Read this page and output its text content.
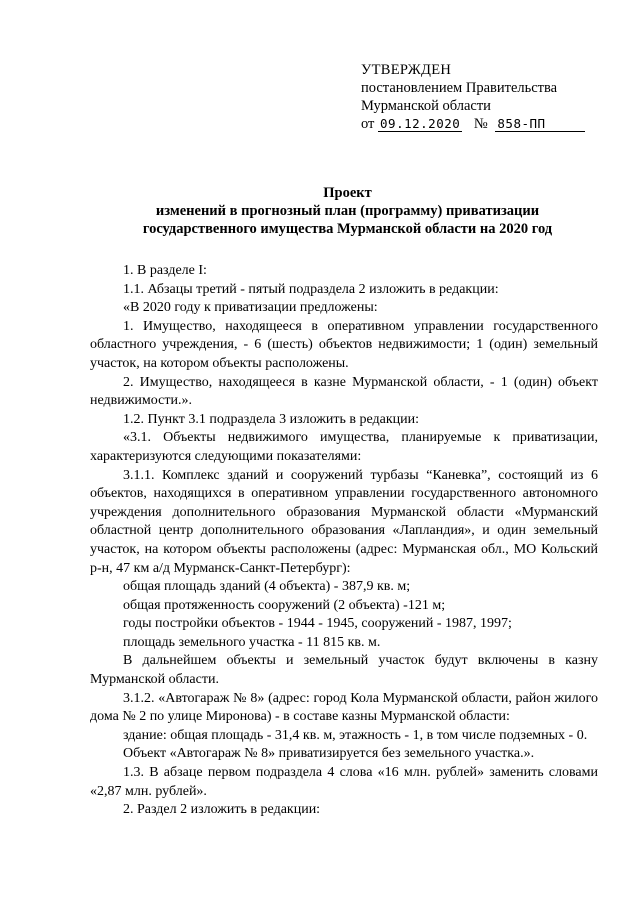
УТВЕРЖДЕН
постановлением Правительства
Мурманской области
от 09.12.2020 № 858-ПП
Проект
изменений в прогнозный план (программу) приватизации
государственного имущества Мурманской области на 2020 год

1. В разделе I:

1.1. Абзацы третий - пятый подраздела 2 изложить в редакции:

«В 2020 году к приватизации предложены:

1. Имущество, находящееся в оперативном управлении государственного областного учреждения, - 6 (шесть) объектов недвижимости; 1 (один) земельный участок, на котором объекты расположены.

2. Имущество, находящееся в казне Мурманской области, - 1 (один) объект недвижимости.».

1.2. Пункт 3.1 подраздела 3 изложить в редакции:

«3.1. Объекты недвижимого имущества, планируемые к приватизации, характеризуются следующими показателями:

3.1.1. Комплекс зданий и сооружений турбазы “Каневка”, состоящий из 6 объектов, находящихся в оперативном управлении государственного автономного учреждения дополнительного образования Мурманской области «Мурманский областной центр дополнительного образования «Лапландия», и один земельный участок, на котором объекты расположены (адрес: Мурманская обл., МО Кольский р-н, 47 км а/д Мурманск-Санкт-Петербург):

общая площадь зданий (4 объекта) - 387,9 кв. м;

общая протяженность сооружений (2 объекта) -121 м;

годы постройки объектов - 1944 - 1945, сооружений - 1987, 1997;

площадь земельного участка - 11 815 кв. м.

В дальнейшем объекты и земельный участок будут включены в казну Мурманской области.

3.1.2. «Автогараж № 8» (адрес: город Кола Мурманской области, район жилого дома № 2 по улице Миронова) - в составе казны Мурманской области:

здание: общая площадь - 31,4 кв. м, этажность - 1, в том числе подземных - 0.

Объект «Автогараж № 8» приватизируется без земельного участка.».

1.3. В абзаце первом подраздела 4 слова «16 млн. рублей» заменить словами «2,87 млн. рублей».

2. Раздел 2 изложить в редакции:
